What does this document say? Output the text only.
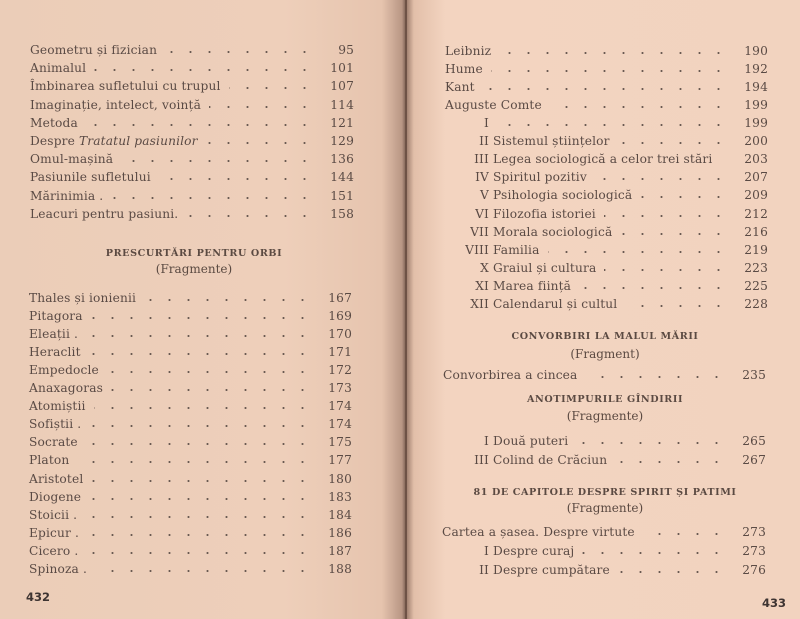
Geometru și fizician	95
Animalul	101
Îmbinarea sufletului cu trupul	107
Imaginație, intelect, voință	114
Metoda	121
Despre Tratatul pasiunilor	129
Omul-mașină	136
Pasiunile sufletului	144
Mărinimia .	151
Leacuri pentru pasiuni.	158
Thales și ionienii	167
Pitagora	169
Eleații .	170
Heraclit	171
Empedocle	172
Anaxagoras	173
Atomiștii	174
Sofiștii .	174
Socrate	175
Platon	177
Aristotel	180
Diogene	183
Stoicii .	184
Epicur .	186
Cicero .	187
Spinoza .	188
Leibniz	190
Hume	192
Kant	194
Auguste Comte	199
I	199
II Sistemul științelor	200
III Legea sociologică a celor trei stări	203
IV Spiritul pozitiv	207
V Psihologia sociologică	209
VI Filozofia istoriei	212
VII Morala sociologică	216
VIII Familia	219
X Graiul și cultura	223
XI Marea ființă	225
XII Calendarul și cultul	228
Convorbirea a cincea	235
I Două puteri	265
III Colind de Crăciun	267
Cartea a șasea. Despre virtute	273
I Despre curaj	273
II Despre cumpătare	276
PRESCURTĂRI PENTRU ORBI
(Fragmente)
CONVORBIRI LA MALUL MĂRII
(Fragment)
ANOTIMPURILE GÎNDIRII
(Fragmente)
81 DE CAPITOLE DESPRE SPIRIT ȘI PATIMI
(Fragmente)
432	433
